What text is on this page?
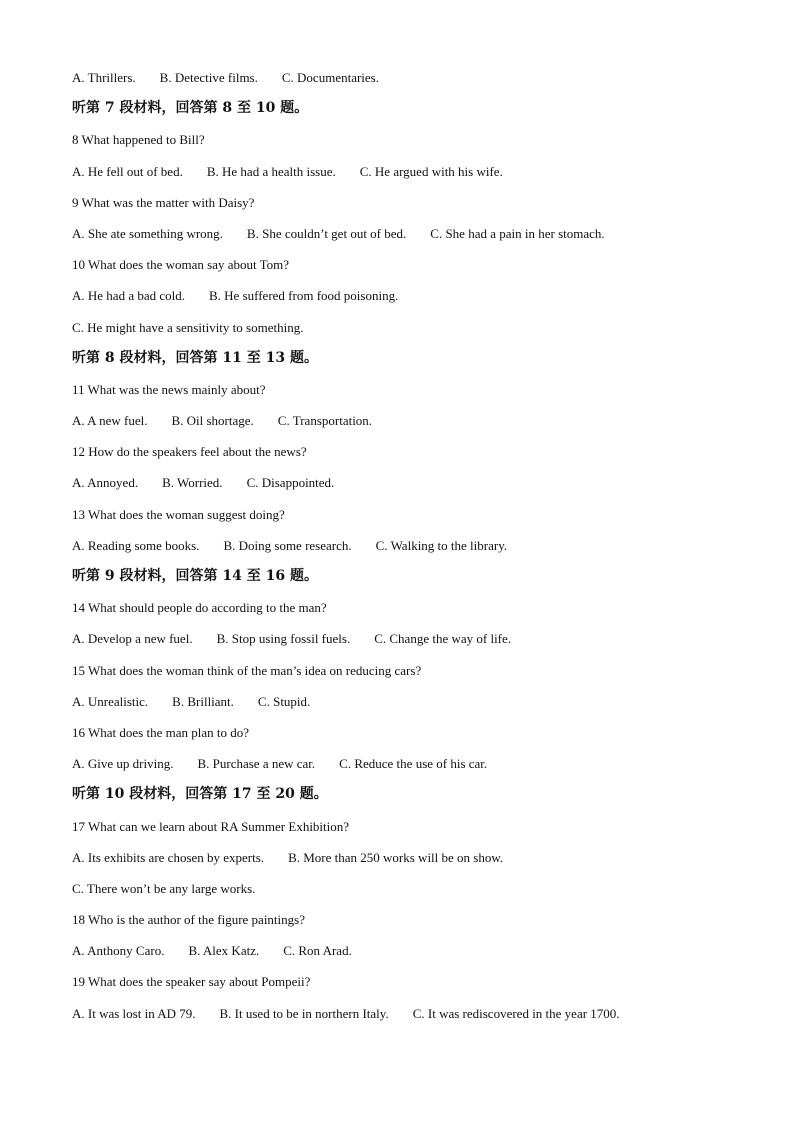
A. Thrillers. B. Detective films. C. Documentaries.
听第 7 段材料，回答第 8 至 10 题。
8 What happened to Bill?
A. He fell out of bed. B. He had a health issue. C. He argued with his wife.
9 What was the matter with Daisy?
A. She ate something wrong. B. She couldn’t get out of bed. C. She had a pain in her stomach.
10 What does the woman say about Tom?
A. He had a bad cold. B. He suffered from food poisoning.
C. He might have a sensitivity to something.
听第 8 段材料，回答第 11 至 13 题。
11 What was the news mainly about?
A. A new fuel. B. Oil shortage. C. Transportation.
12 How do the speakers feel about the news?
A. Annoyed. B. Worried. C. Disappointed.
13 What does the woman suggest doing?
A. Reading some books. B. Doing some research. C. Walking to the library.
听第 9 段材料，回答第 14 至 16 题。
14 What should people do according to the man?
A. Develop a new fuel. B. Stop using fossil fuels. C. Change the way of life.
15 What does the woman think of the man’s idea on reducing cars?
A. Unrealistic. B. Brilliant. C. Stupid.
16 What does the man plan to do?
A. Give up driving. B. Purchase a new car. C. Reduce the use of his car.
听第 10 段材料，回答第 17 至 20 题。
17 What can we learn about RA Summer Exhibition?
A. Its exhibits are chosen by experts. B. More than 250 works will be on show.
C. There won’t be any large works.
18 Who is the author of the figure paintings?
A. Anthony Caro. B. Alex Katz. C. Ron Arad.
19 What does the speaker say about Pompeii?
A. It was lost in AD 79. B. It used to be in northern Italy. C. It was rediscovered in the year 1700.
